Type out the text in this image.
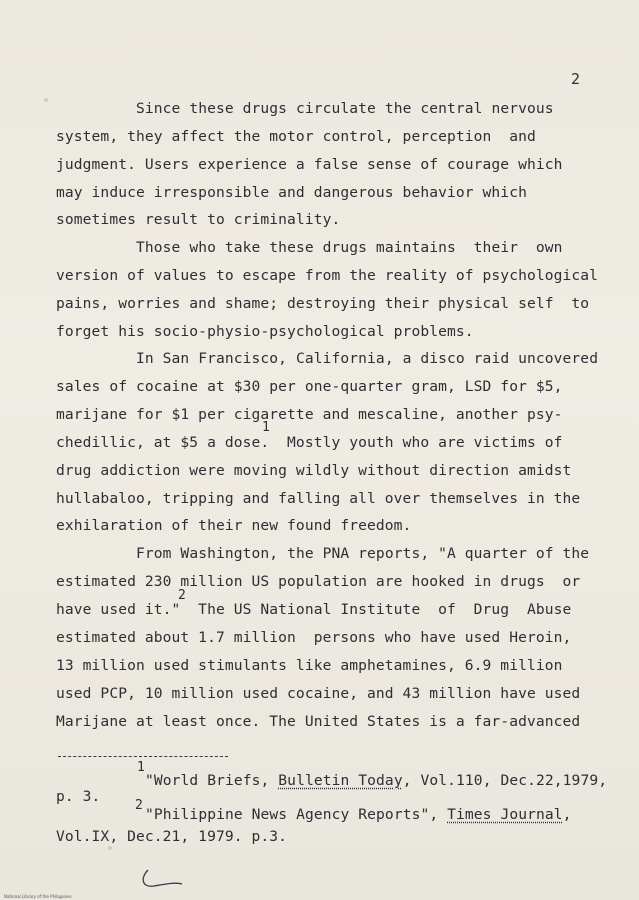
2
Since these drugs circulate the central nervous
system, they affect the motor control, perception  and
judgment. Users experience a false sense of courage which
may induce irresponsible and dangerous behavior which
sometimes result to criminality.
Those who take these drugs maintains  their  own
version of values to escape from the reality of psychological
pains, worries and shame; destroying their physical self  to
forget his socio-physio-psychological problems.
In San Francisco, California, a disco raid uncovered
sales of cocaine at $30 per one-quarter gram, LSD for $5,
marijane for $1 per cigarette and mescaline, another psy-
1
chedillic, at $5 a dose.  Mostly youth who are victims of
drug addiction were moving wildly without direction amidst
hullabaloo, tripping and falling all over themselves in the
exhilaration of their new found freedom.
From Washington, the PNA reports, "A quarter of the
estimated 230 million US population are hooked in drugs  or
2
have used it."  The US National Institute  of  Drug  Abuse
estimated about 1.7 million  persons who have used Heroin,
13 million used stimulants like amphetamines, 6.9 million
used PCP, 10 million used cocaine, and 43 million have used
Marijane at least once. The United States is a far-advanced
1
"World Briefs, Bulletin Today, Vol.110, Dec.22,1979,
p. 3.
2
"Philippine News Agency Reports", Times Journal,
Vol.IX, Dec.21, 1979. p.3.
National Library of the Philippines
